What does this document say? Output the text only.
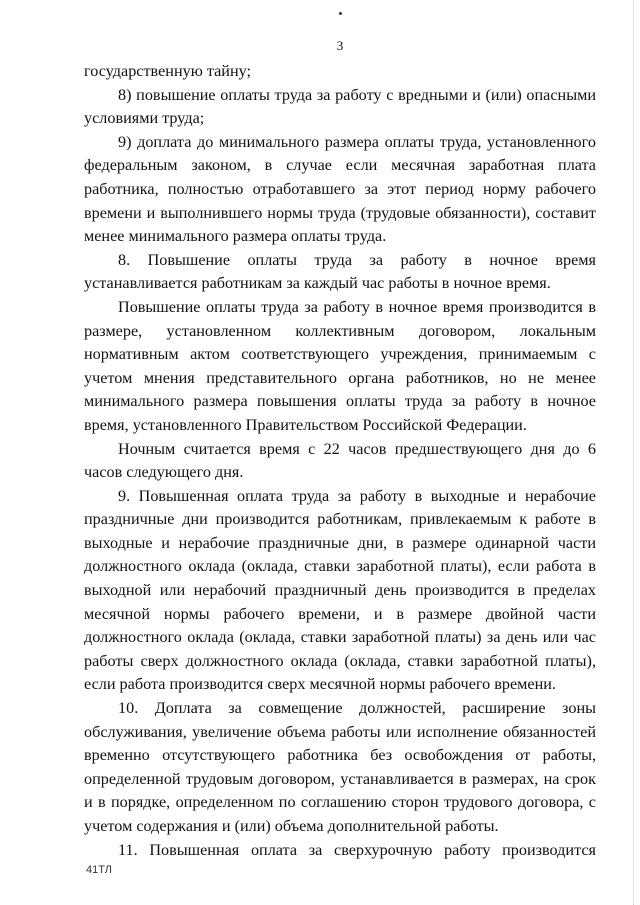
3

государственную тайну;

8) повышение оплаты труда за работу с вредными и (или) опасными условиями труда;

9) доплата до минимального размера оплаты труда, установленного федеральным законом, в случае если месячная заработная плата работника, полностью отработавшего за этот период норму рабочего времени и выполнившего нормы труда (трудовые обязанности), составит менее минимального размера оплаты труда.

8. Повышение оплаты труда за работу в ночное время устанавливается работникам за каждый час работы в ночное время.

Повышение оплаты труда за работу в ночное время производится в размере, установленном коллективным договором, локальным нормативным актом соответствующего учреждения, принимаемым с учетом мнения представительного органа работников, но не менее минимального размера повышения оплаты труда за работу в ночное время, установленного Правительством Российской Федерации.

Ночным считается время с 22 часов предшествующего дня до 6 часов следующего дня.

9. Повышенная оплата труда за работу в выходные и нерабочие праздничные дни производится работникам, привлекаемым к работе в выходные и нерабочие праздничные дни, в размере одинарной части должностного оклада (оклада, ставки заработной платы), если работа в выходной или нерабочий праздничный день производится в пределах месячной нормы рабочего времени, и в размере двойной части должностного оклада (оклада, ставки заработной платы) за день или час работы сверх должностного оклада (оклада, ставки заработной платы), если работа производится сверх месячной нормы рабочего времени.

10. Доплата за совмещение должностей, расширение зоны обслуживания, увеличение объема работы или исполнение обязанностей временно отсутствующего работника без освобождения от работы, определенной трудовым договором, устанавливается в размерах, на срок и в порядке, определенном по соглашению сторон трудового договора, с учетом содержания и (или) объема дополнительной работы.

11. Повышенная оплата за сверхурочную работу производится

41ТЛ
